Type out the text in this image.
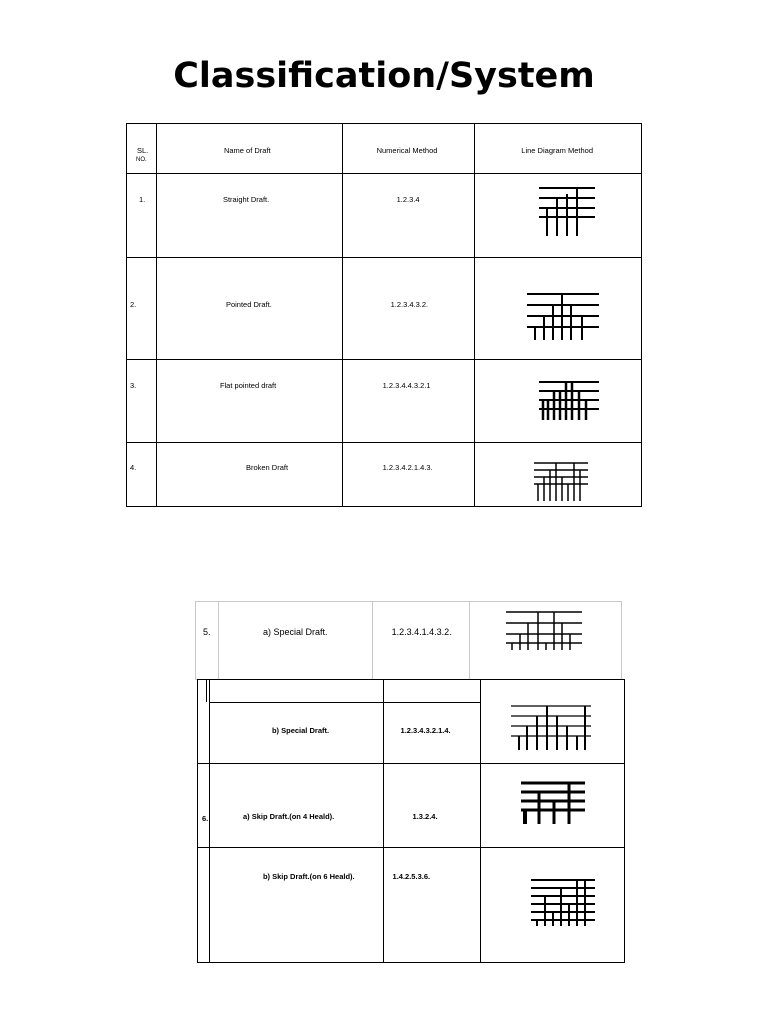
Classification/System
SL.
NO.	Name of Draft	Numerical Method	Line Diagram Method

1.	Straight Draft.	1.2.3.4

2.	Pointed Draft.	1.2.3.4.3.2.

3.	Flat pointed draft	1.2.3.4.4.3.2.1

4.	Broken Draft	1.2.3.4.2.1.4.3.

5.	a) Special Draft.	1.2.3.4.1.4.3.2.

	b) Special Draft.	1.2.3.4.3.2.1.4.

6.	a) Skip Draft.(on 4 Heald).	1.3.2.4.

	b) Skip Draft.(on 6 Heald).	1.4.2.5.3.6.
